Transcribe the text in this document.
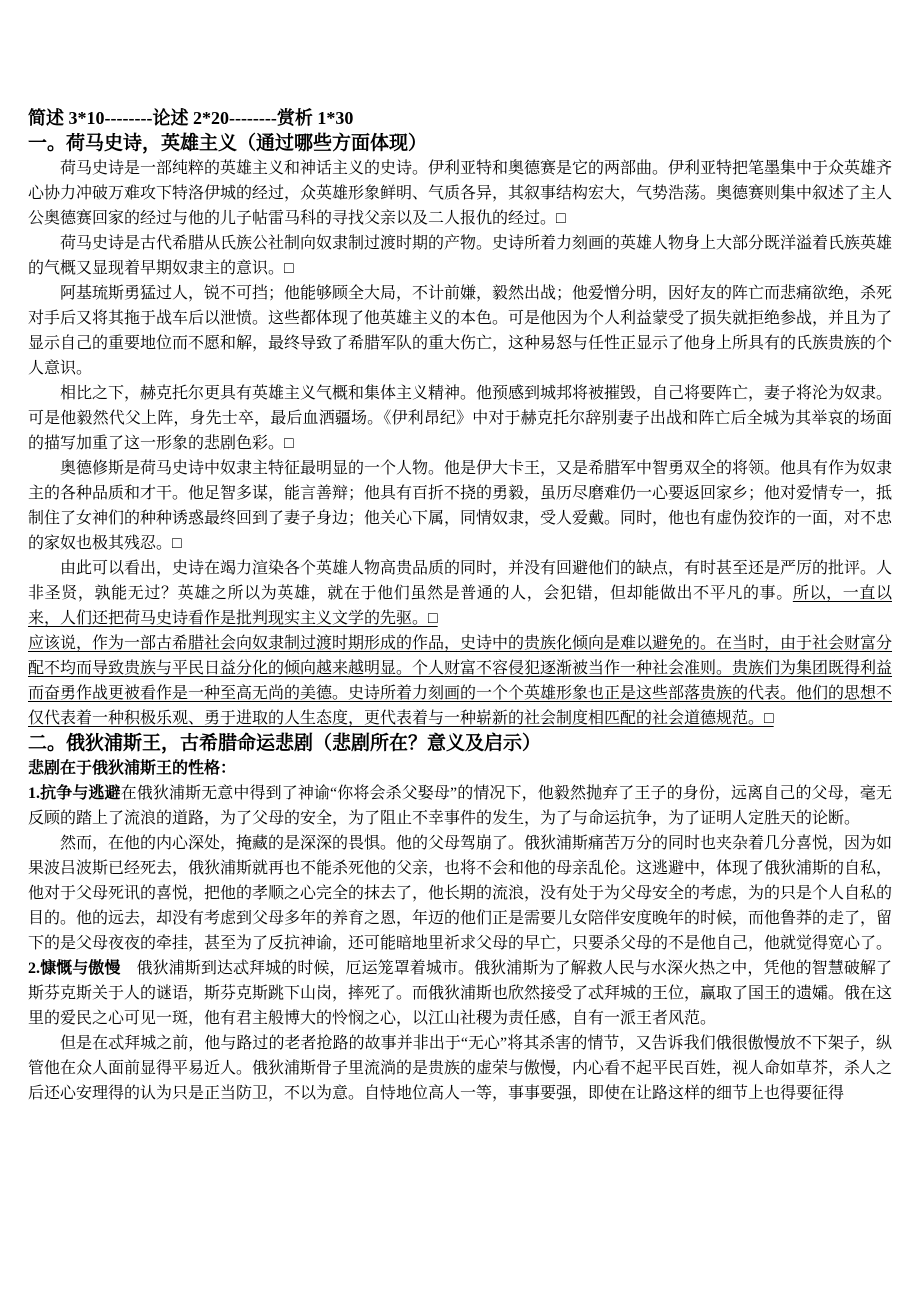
简述 3*10--------论述 2*20--------赏析 1*30

一。荷马史诗，英雄主义（通过哪些方面体现）

荷马史诗是一部纯粹的英雄主义和神话主义的史诗。伊利亚特和奥德赛是它的两部曲。伊利亚特把笔墨集中于众英雄齐心协力冲破万难攻下特洛伊城的经过，众英雄形象鲜明、气质各异，其叙事结构宏大，气势浩荡。奥德赛则集中叙述了主人公奥德赛回家的经过与他的儿子帖雷马科的寻找父亲以及二人报仇的经过。□

荷马史诗是古代希腊从氏族公社制向奴隶制过渡时期的产物。史诗所着力刻画的英雄人物身上大部分既洋溢着氏族英雄的气概又显现着早期奴隶主的意识。□

阿基琉斯勇猛过人，锐不可挡；他能够顾全大局，不计前嫌，毅然出战；他爱憎分明，因好友的阵亡而悲痛欲绝，杀死对手后又将其拖于战车后以泄愤。这些都体现了他英雄主义的本色。可是他因为个人利益蒙受了损失就拒绝参战，并且为了显示自己的重要地位而不愿和解，最终导致了希腊军队的重大伤亡，这种易怒与任性正显示了他身上所具有的氏族贵族的个人意识。

相比之下，赫克托尔更具有英雄主义气概和集体主义精神。他预感到城邦将被摧毁，自己将要阵亡，妻子将沦为奴隶。可是他毅然代父上阵，身先士卒，最后血洒疆场。《伊利昂纪》中对于赫克托尔辞别妻子出战和阵亡后全城为其举哀的场面的描写加重了这一形象的悲剧色彩。□

奥德修斯是荷马史诗中奴隶主特征最明显的一个人物。他是伊大卡王，又是希腊军中智勇双全的将领。他具有作为奴隶主的各种品质和才干。他足智多谋，能言善辩；他具有百折不挠的勇毅，虽历尽磨难仍一心要返回家乡；他对爱情专一，抵制住了女神们的种种诱惑最终回到了妻子身边；他关心下属，同情奴隶，受人爱戴。同时，他也有虚伪狡诈的一面，对不忠的家奴也极其残忍。□

由此可以看出，史诗在竭力渲染各个英雄人物高贵品质的同时，并没有回避他们的缺点，有时甚至还是严厉的批评。人非圣贤，孰能无过？英雄之所以为英雄，就在于他们虽然是普通的人，会犯错，但却能做出不平凡的事。所以，一直以来，人们还把荷马史诗看作是批判现实主义文学的先驱。□

应该说，作为一部古希腊社会向奴隶制过渡时期形成的作品，史诗中的贵族化倾向是难以避免的。在当时，由于社会财富分配不均而导致贵族与平民日益分化的倾向越来越明显。个人财富不容侵犯逐渐被当作一种社会准则。贵族们为集团既得利益而奋勇作战更被看作是一种至高无尚的美德。史诗所着力刻画的一个个英雄形象也正是这些部落贵族的代表。他们的思想不仅代表着一种积极乐观、勇于进取的人生态度，更代表着与一种崭新的社会制度相匹配的社会道德规范。□

二。俄狄浦斯王，古希腊命运悲剧（悲剧所在？意义及启示）

悲剧在于俄狄浦斯王的性格：

1.抗争与逃避在俄狄浦斯无意中得到了神谕“你将会杀父娶母”的情况下，他毅然抛弃了王子的身份，远离自己的父母，毫无反顾的踏上了流浪的道路，为了父母的安全，为了阻止不幸事件的发生，为了与命运抗争，为了证明人定胜天的论断。

然而，在他的内心深处，掩藏的是深深的畏惧。他的父母驾崩了。俄狄浦斯痛苦万分的同时也夹杂着几分喜悦，因为如果波吕波斯已经死去，俄狄浦斯就再也不能杀死他的父亲，也将不会和他的母亲乱伦。这逃避中，体现了俄狄浦斯的自私，他对于父母死讯的喜悦，把他的孝顺之心完全的抹去了，他长期的流浪，没有处于为父母安全的考虑，为的只是个人自私的目的。他的远去，却没有考虑到父母多年的养育之恩，年迈的他们正是需要儿女陪伴安度晚年的时候，而他鲁莽的走了，留下的是父母夜夜的牵挂，甚至为了反抗神谕，还可能暗地里祈求父母的早亡，只要杀父母的不是他自己，他就觉得宽心了。

2.慷慨与傲慢　俄狄浦斯到达忒拜城的时候，厄运笼罩着城市。俄狄浦斯为了解救人民与水深火热之中，凭他的智慧破解了斯芬克斯关于人的谜语，斯芬克斯跳下山岗，摔死了。而俄狄浦斯也欣然接受了忒拜城的王位，赢取了国王的遗孀。俄在这里的爱民之心可见一斑，他有君主般博大的怜悯之心，以江山社稷为责任感，自有一派王者风范。

但是在忒拜城之前，他与路过的老者抢路的故事并非出于“无心”将其杀害的情节，又告诉我们俄很傲慢放不下架子，纵管他在众人面前显得平易近人。俄狄浦斯骨子里流淌的是贵族的虚荣与傲慢，内心看不起平民百姓，视人命如草芥，杀人之后还心安理得的认为只是正当防卫，不以为意。自恃地位高人一等，事事要强，即使在让路这样的细节上也得要征得
